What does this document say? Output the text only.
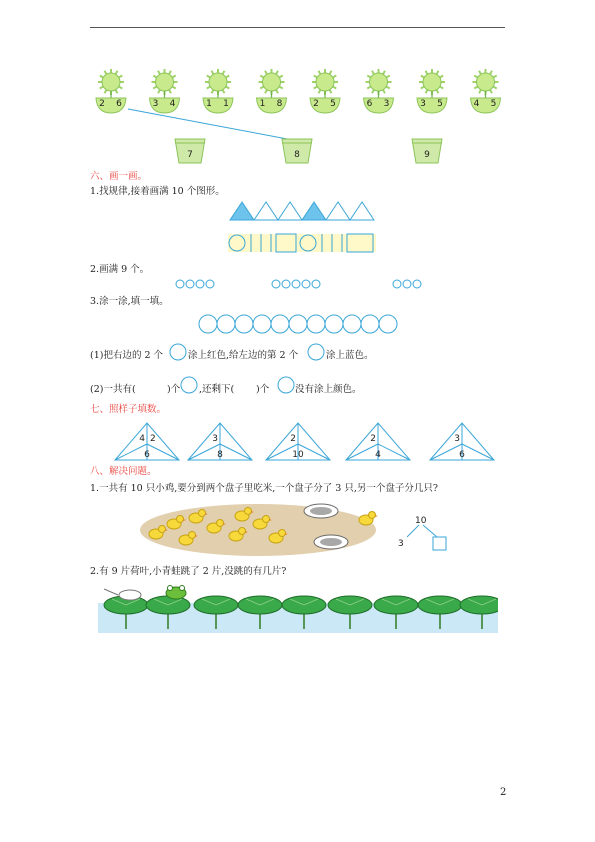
2 6	3 4	1 1	1 8	2 5	6 3	3 5	4 5
7	8	9
六、画一画。
1.找规律,接着画满 10 个图形。
2.画满 9 个。
3.涂一涂,填一填。
(1)把右边的 2 个	涂上红色,给左边的第 2 个	涂上蓝色。
(2)一共有(	)个 ,还剩下( )个	没有涂上颜色。
七、照样子填数。
4 2
6
3
8
2
10
2
4
3
6
八、解决问题。
1.一共有 10 只小鸡,要分到两个盘子里吃米,一个盘子分了 3 只,另一个盘子分几只?
10
3
2.有 9 片荷叶,小青蛙跳了 2 片,没跳的有几片?
2
